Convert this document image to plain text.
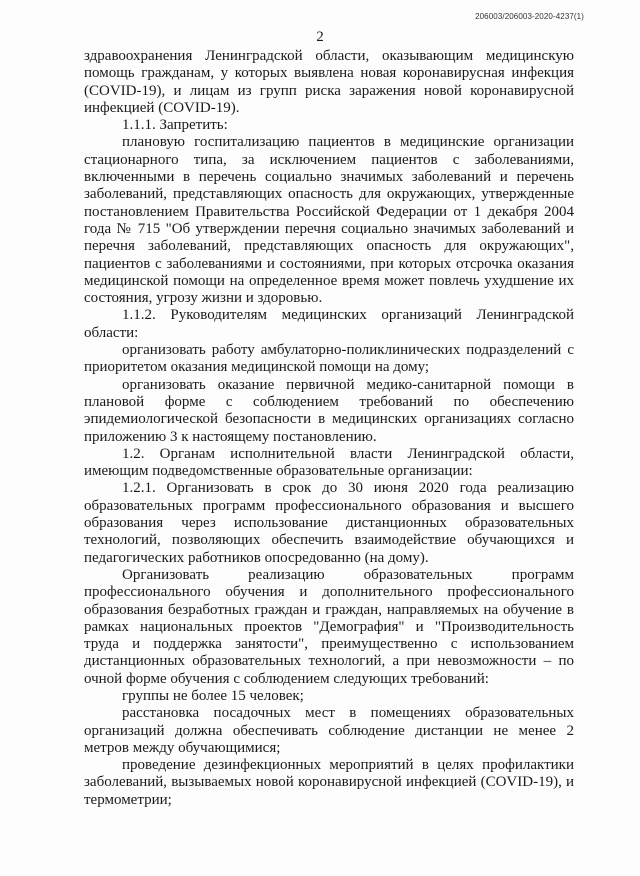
206003/206003-2020-4237(1)
2

здравоохранения Ленинградской области, оказывающим медицинскую помощь гражданам, у которых выявлена новая коронавирусная инфекция (COVID-19), и лицам из групп риска заражения новой коронавирусной инфекцией (COVID-19).

1.1.1. Запретить:

плановую госпитализацию пациентов в медицинские организации стационарного типа, за исключением пациентов с заболеваниями, включенными в перечень социально значимых заболеваний и перечень заболеваний, представляющих опасность для окружающих, утвержденные постановлением Правительства Российской Федерации от 1 декабря 2004 года № 715 "Об утверждении перечня социально значимых заболеваний и перечня заболеваний, представляющих опасность для окружающих", пациентов с заболеваниями и состояниями, при которых отсрочка оказания медицинской помощи на определенное время может повлечь ухудшение их состояния, угрозу жизни и здоровью.

1.1.2. Руководителям медицинских организаций Ленинградской области:

организовать работу амбулаторно-поликлинических подразделений с приоритетом оказания медицинской помощи на дому;

организовать оказание первичной медико-санитарной помощи в плановой форме с соблюдением требований по обеспечению эпидемиологической безопасности в медицинских организациях согласно приложению 3 к настоящему постановлению.

1.2. Органам исполнительной власти Ленинградской области, имеющим подведомственные образовательные организации:

1.2.1. Организовать в срок до 30 июня 2020 года реализацию образовательных программ профессионального образования и высшего образования через использование дистанционных образовательных технологий, позволяющих обеспечить взаимодействие обучающихся и педагогических работников опосредованно (на дому).

Организовать реализацию образовательных программ профессионального обучения и дополнительного профессионального образования безработных граждан и граждан, направляемых на обучение в рамках национальных проектов "Демография" и "Производительность труда и поддержка занятости", преимущественно с использованием дистанционных образовательных технологий, а при невозможности – по очной форме обучения с соблюдением следующих требований:

группы не более 15 человек;

расстановка посадочных мест в помещениях образовательных организаций должна обеспечивать соблюдение дистанции не менее 2 метров между обучающимися;

проведение дезинфекционных мероприятий в целях профилактики заболеваний, вызываемых новой коронавирусной инфекцией (COVID-19), и термометрии;
